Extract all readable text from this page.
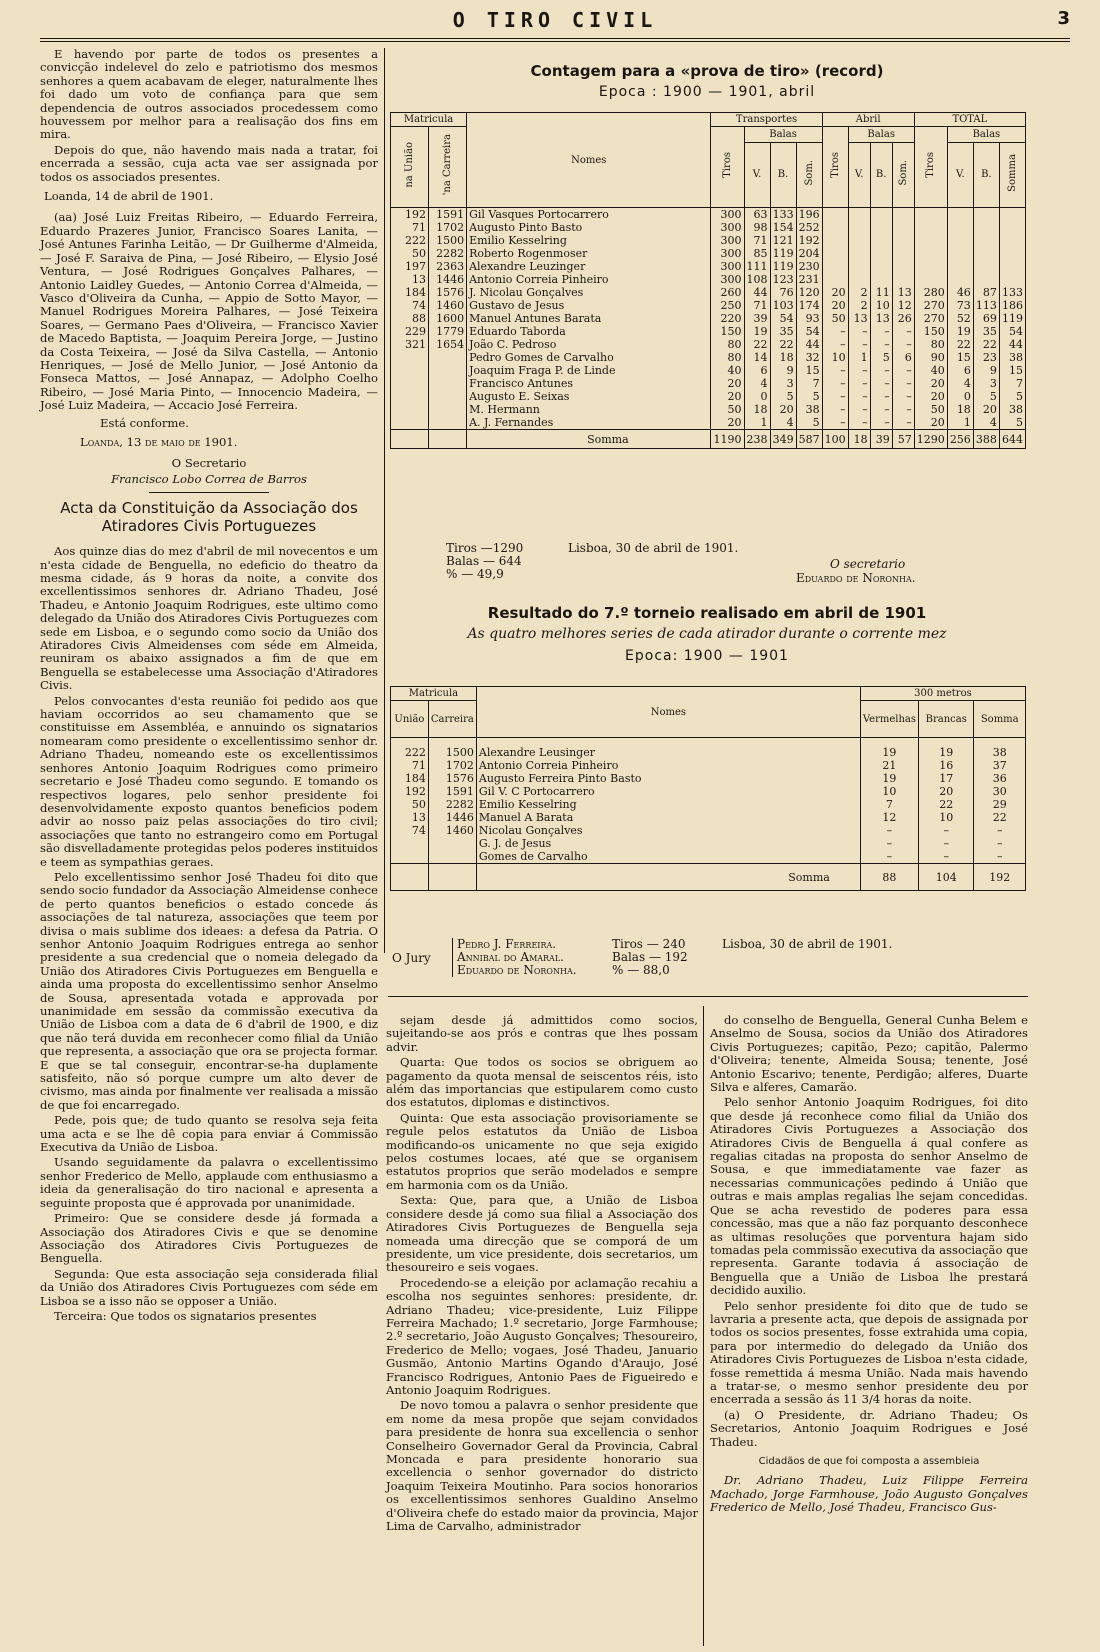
O TIRO CIVIL	3

E havendo por parte de todos os presentes a convicção indelevel do zelo e patriotismo dos mesmos senhores a quem acabavam de eleger, naturalmente lhes foi dado um voto de confiança para que sem dependencia de outros associados procedessem como houvessem por melhor para a realisação dos fins em mira.

Depois do que, não havendo mais nada a tratar, foi encerrada a sessão, cuja acta vae ser assignada por todos os associados presentes.

Loanda, 14 de abril de 1901.

(aa) José Luiz Freitas Ribeiro, — Eduardo Ferreira, Eduardo Prazeres Junior, Francisco Soares Lanita, — José Antunes Farinha Leitão, — Dr Guilherme d'Almeida, — José F. Saraiva de Pina, — José Ribeiro, — Elysio José Ventura, — José Rodrigues Gonçalves Palhares, — Antonio Laidley Guedes, — Antonio Correa d'Almeida, — Vasco d'Oliveira da Cunha, — Appio de Sotto Mayor, — Manuel Rodrigues Moreira Palhares, — José Teixeira Soares, — Germano Paes d'Oliveira, — Francisco Xavier de Macedo Baptista, — Joaquim Pereira Jorge, — Justino da Costa Teixeira, — José da Silva Castella, — Antonio Henriques, — José de Mello Junior, — José Antonio da Fonseca Mattos, — José Annapaz, — Adolpho Coelho Ribeiro, — José Maria Pinto, — Innocencio Madeira, — José Luiz Madeira, — Accacio José Ferreira.

Está conforme.

Loanda, 13 de maio de 1901.

O Secretario

Francisco Lobo Correa de Barros

Acta da Constituição da Associação dos Atiradores Civis Portuguezes

Aos quinze dias do mez d'abril de mil novecentos e um n'esta cidade de Benguella, no edeficio do theatro da mesma cidade, ás 9 horas da noite, a convite dos excellentissimos senhores dr. Adriano Thadeu, José Thadeu, e Antonio Joaquim Rodrigues, este ultimo como delegado da União dos Atiradores Civis Portuguezes com sede em Lisboa, e o segundo como socio da União dos Atiradores Civis Almeidenses com séde em Almeida, reuniram os abaixo assignados a fim de que em Benguella se estabelecesse uma Associação d'Atiradores Civis.

Pelos convocantes d'esta reunião foi pedido aos que haviam occorridos ao seu chamamento que se constituisse em Assembléa, e annuindo os signatarios nomearam como presidente o excellentissimo senhor dr. Adriano Thadeu, nomeando este os excellentissimos senhores Antonio Joaquim Rodrigues como primeiro secretario e José Thadeu como segundo. E tomando os respectivos logares, pelo senhor presidente foi desenvolvidamente exposto quantos beneficios podem advir ao nosso paiz pelas associações do tiro civil; associações que tanto no estrangeiro como em Portugal são disvelladamente protegidas pelos poderes instituidos e teem as sympathias geraes.

Pelo excellentissimo senhor José Thadeu foi dito que sendo socio fundador da Associação Almeidense conhece de perto quantos beneficios o estado concede ás associações de tal natureza, associações que teem por divisa o mais sublime dos ideaes: a defesa da Patria. O senhor Antonio Joaquim Rodrigues entrega ao senhor presidente a sua credencial que o nomeia delegado da União dos Atiradores Civis Portuguezes em Benguella e ainda uma proposta do excellentissimo senhor Anselmo de Sousa, apresentada votada e approvada por unanimidade em sessão da commissão executiva da União de Lisboa com a data de 6 d'abril de 1900, e diz que não terá duvida em reconhecer como filial da União que representa, a associação que ora se projecta formar. E que se tal conseguir, encontrar-se-ha duplamente satisfeito, não só porque cumpre um alto dever de civismo, mas ainda por finalmente ver realisada a missão de que foi encarregado.

Pede, pois que; de tudo quanto se resolva seja feita uma acta e se lhe dê copia para enviar á Commissão Executiva da União de Lisboa.

Usando seguidamente da palavra o excellentissimo senhor Frederico de Mello, applaude com enthusiasmo a ideia da generalisação do tiro nacional e apresenta a seguinte proposta que é approvada por unanimidade.

Primeiro: Que se considere desde já formada a Associação dos Atiradores Civis e que se denomine Associação dos Atiradores Civis Portuguezes de Benguella.

Segunda: Que esta associação seja considerada filial da União dos Atiradores Civis Portuguezes com séde em Lisboa se a isso não se opposer a União.

Terceira: Que todos os signatarios presentes

Contagem para a «prova de tiro» (record)
Epoca : 1900 — 1901, abril
Matricula		Nomes	Transportes				Abril				TOTAL			
na União	'na Carreira		Tiros	Balas			Tiros	Balas			Tiros	Balas		
				V.	B.	Som.		V.	B.	Som.		V.	B.	Somma
192	1591	Gil Vasques Portocarrero	300	63	133	196								
71	1702	Augusto Pinto Basto	300	98	154	252								
222	1500	Emilio Kesselring	300	71	121	192								
50	2282	Roberto Rogenmoser	300	85	119	204								
197	2363	Alexandre Leuzinger	300	111	119	230								
13	1446	Antonio Correia Pinheiro	300	108	123	231								
184	1576	J. Nicolau Gonçalves	260	44	76	120	20	2	11	13	280	46	87	133
74	1460	Gustavo de Jesus	250	71	103	174	20	2	10	12	270	73	113	186
88	1600	Manuel Antunes Barata	220	39	54	93	50	13	13	26	270	52	69	119
229	1779	Eduardo Taborda	150	19	35	54	–	–	–	–	150	19	35	54
321	1654	João C. Pedroso	80	22	22	44	–	–	–	–	80	22	22	44
		Pedro Gomes de Carvalho	80	14	18	32	10	1	5	6	90	15	23	38
		Joaquim Fraga P. de Linde	40	6	9	15	–	–	–	–	40	6	9	15
		Francisco Antunes	20	4	3	7	–	–	–	–	20	4	3	7
		Augusto E. Seixas	20	0	5	5	–	–	–	–	20	0	5	5
		M. Hermann	50	18	20	38	–	–	–	–	50	18	20	38
		A. J. Fernandes	20	1	4	5	–	–	–	–	20	1	4	5
		Somma	1190	238	349	587	100	18	39	57	1290	256	388	644
Tiros —1290
Balas — 644
% — 49,9
Lisboa, 30 de abril de 1901.
O secretario
Eduardo de Noronha.
Resultado do 7.º torneio realisado em abril de 1901
As quatro melhores series de cada atirador durante o corrente mez
Epoca: 1900 — 1901
Matricula		Nomes	300 metros		
União	Carreira		Vermelhas	Brancas	Somma
222	1500	Alexandre Leusinger	19	19	38
71	1702	Antonio Correia Pinheiro	21	16	37
184	1576	Augusto Ferreira Pinto Basto	19	17	36
192	1591	Gil V. C Portocarrero	10	20	30
50	2282	Emilio Kesselring	7	22	29
13	1446	Manuel A Barata	12	10	22
74	1460	Nicolau Gonçalves	–	–	–
		G. J. de Jesus	–	–	–
		Gomes de Carvalho	–	–	–
		Somma	88	104	192
O Jury
Pedro J. Ferreira.
Annibal do Amaral.
Eduardo de Noronha.
Tiros — 240
Balas — 192
% — 88,0
Lisboa, 30 de abril de 1901.

sejam desde já admittidos como socios, sujeitando-se aos prós e contras que lhes possam advir.

Quarta: Que todos os socios se obriguem ao pagamento da quota mensal de seiscentos réis, isto além das importancias que estipularem como custo dos estatutos, diplomas e distinctivos.

Quinta: Que esta associação provisoriamente se regule pelos estatutos da União de Lisboa modificando-os unicamente no que seja exigido pelos costumes locaes, até que se organisem estatutos proprios que serão modelados e sempre em harmonia com os da União.

Sexta: Que, para que, a União de Lisboa considere desde já como sua filial a Associação dos Atiradores Civis Portuguezes de Benguella seja nomeada uma direcção que se comporá de um presidente, um vice presidente, dois secretarios, um thesoureiro e seis vogaes.

Procedendo-se a eleição por aclamação recahiu a escolha nos seguintes senhores: presidente, dr. Adriano Thadeu; vice-presidente, Luiz Filippe Ferreira Machado; 1.º secretario, Jorge Farmhouse; 2.º secretario, João Augusto Gonçalves; Thesoureiro, Frederico de Mello; vogaes, José Thadeu, Januario Gusmão, Antonio Martins Ogando d'Araujo, José Francisco Rodrigues, Antonio Paes de Figueiredo e Antonio Joaquim Rodrigues.

De novo tomou a palavra o senhor presidente que em nome da mesa propõe que sejam convidados para presidente de honra sua excellencia o senhor Conselheiro Governador Geral da Provincia, Cabral Moncada e para presidente honorario sua excellencia o senhor governador do districto Joaquim Teixeira Moutinho. Para socios honorarios os excellentissimos senhores Gualdino Anselmo d'Oliveira chefe do estado maior da provincia, Major Lima de Carvalho, administrador

do conselho de Benguella, General Cunha Belem e Anselmo de Sousa, socios da União dos Atiradores Civis Portuguezes; capitão, Pezo; capitão, Palermo d'Oliveira; tenente, Almeida Sousa; tenente, José Antonio Escarivo; tenente, Perdigão; alferes, Duarte Silva e alferes, Camarão.

Pelo senhor Antonio Joaquim Rodrigues, foi dito que desde já reconhece como filial da União dos Atiradores Civis Portuguezes a Associação dos Atiradores Civis de Benguella á qual confere as regalias citadas na proposta do senhor Anselmo de Sousa, e que immediatamente vae fazer as necessarias communicações pedindo á União que outras e mais amplas regalias lhe sejam concedidas. Que se acha revestido de poderes para essa concessão, mas que a não faz porquanto desconhece as ultimas resoluções que porventura hajam sido tomadas pela commissão executiva da associação que representa. Garante todavia á associação de Benguella que a União de Lisboa lhe prestará decidido auxilio.

Pelo senhor presidente foi dito que de tudo se lavraria a presente acta, que depois de assignada por todos os socios presentes, fosse extrahida uma copia, para por intermedio do delegado da União dos Atiradores Civis Portuguezes de Lisboa n'esta cidade, fosse remettida á mesma União. Nada mais havendo a tratar-se, o mesmo senhor presidente deu por encerrada a sessão ás 11 3/4 horas da noite.

(a) O Presidente, dr. Adriano Thadeu; Os Secretarios, Antonio Joaquim Rodrigues e José Thadeu.

Cidadãos de que foi composta a assembleia

Dr. Adriano Thadeu, Luiz Filippe Ferreira Machado, Jorge Farmhouse, João Augusto Gonçalves Frederico de Mello, José Thadeu, Francisco Gus-
